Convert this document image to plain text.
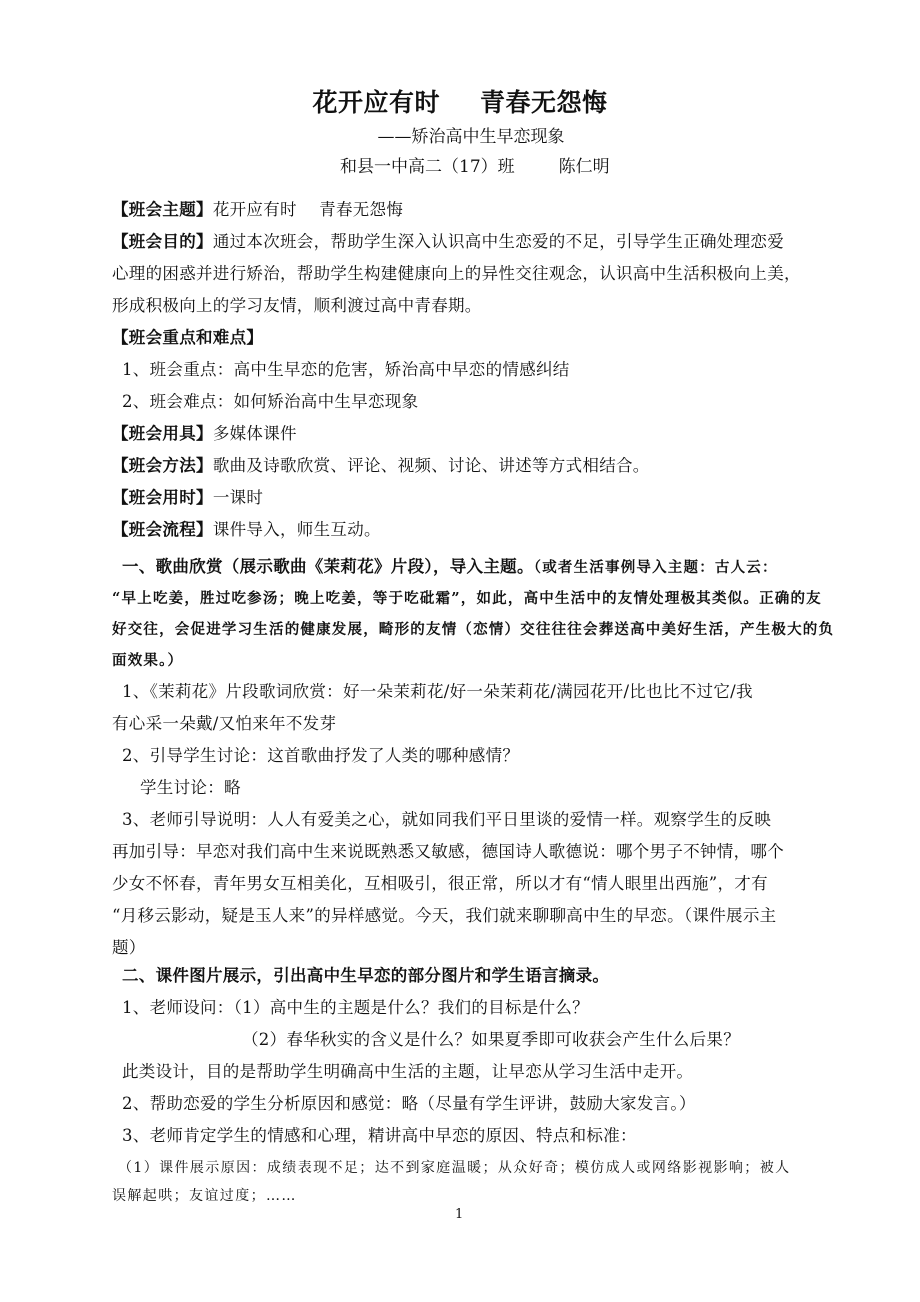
花开应有时 青春无怨悔
——矫治高中生早恋现象
和县一中高二（17）班	陈仁明
【班会主题】花开应有时　 青春无怨悔
【班会目的】通过本次班会，帮助学生深入认识高中生恋爱的不足，引导学生正确处理恋爱
心理的困惑并进行矫治，帮助学生构建健康向上的异性交往观念，认识高中生活积极向上美，
形成积极向上的学习友情，顺利渡过高中青春期。
【班会重点和难点】
1、班会重点：高中生早恋的危害，矫治高中早恋的情感纠结
2、班会难点：如何矫治高中生早恋现象
【班会用具】多媒体课件
【班会方法】歌曲及诗歌欣赏、评论、视频、讨论、讲述等方式相结合。
【班会用时】一课时
【班会流程】课件导入，师生互动。
一、歌曲欣赏（展示歌曲《茉莉花》片段），导入主题。（或者生活事例导入主题：古人云：
“早上吃姜，胜过吃参汤；晚上吃姜，等于吃砒霜”，如此，高中生活中的友情处理极其类似。正确的友
好交往，会促进学习生活的健康发展，畸形的友情（恋情）交往往往会葬送高中美好生活，产生极大的负
面效果。）
1、《茉莉花》片段歌词欣赏：好一朵茉莉花/好一朵茉莉花/满园花开/比也比不过它/我
有心采一朵戴/又怕来年不发芽
2、引导学生讨论：这首歌曲抒发了人类的哪种感情？
学生讨论：略
3、老师引导说明：人人有爱美之心，就如同我们平日里谈的爱情一样。观察学生的反映
再加引导：早恋对我们高中生来说既熟悉又敏感，德国诗人歌德说：哪个男子不钟情，哪个
少女不怀春，青年男女互相美化，互相吸引，很正常，所以才有“情人眼里出西施”，才有
“月移云影动，疑是玉人来”的异样感觉。今天，我们就来聊聊高中生的早恋。（课件展示主
题）
二、课件图片展示，引出高中生早恋的部分图片和学生语言摘录。
1、老师设问：（1）高中生的主题是什么？我们的目标是什么？
（2）春华秋实的含义是什么？如果夏季即可收获会产生什么后果？
此类设计，目的是帮助学生明确高中生活的主题，让早恋从学习生活中走开。
2、帮助恋爱的学生分析原因和感觉：略（尽量有学生评讲，鼓励大家发言。）
3、老师肯定学生的情感和心理，精讲高中早恋的原因、特点和标准：
（1）课件展示原因：成绩表现不足；达不到家庭温暖；从众好奇；模仿成人或网络影视影响；被人
误解起哄；友谊过度；……
1
